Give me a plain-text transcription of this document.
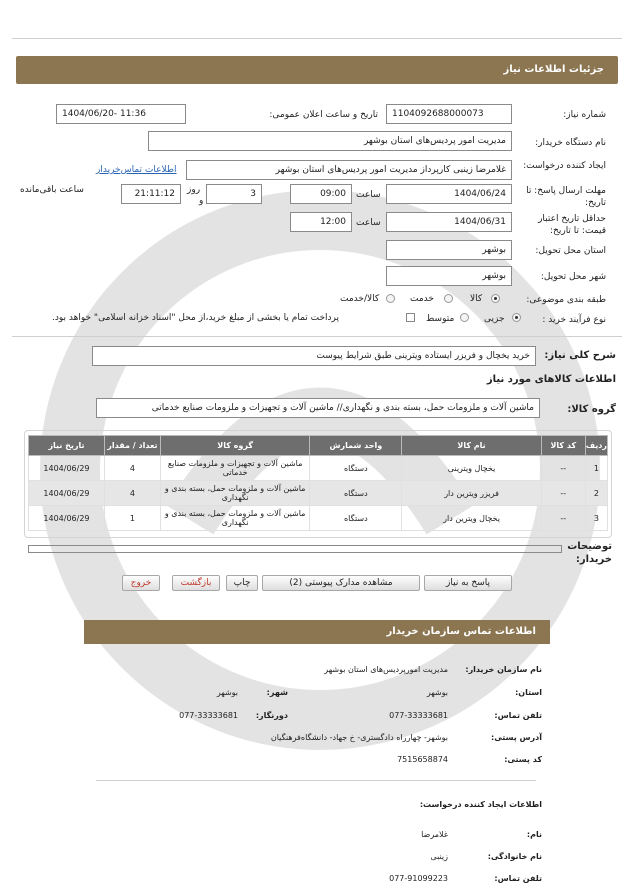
جزئیات اطلاعات نیاز
شماره نیاز:
1104092688000073
تاریخ و ساعت اعلان عمومی:
1404/06/20- 11:36
نام دستگاه خریدار:
مدیریت امور پردیس‌های استان بوشهر
ایجاد کننده درخواست:
غلامرضا زینبی کارپرداز مدیریت امور پردیس‌های استان بوشهر
اطلاعات تماس‌خریدار
مهلت ارسال پاسخ: تا تاریخ:
1404/06/24
ساعت
09:00
3
روز
و
21:11:12
ساعت باقی‌مانده
حداقل تاریخ اعتبار قیمت: تا تاریخ:
1404/06/31
ساعت
12:00
استان محل تحویل:
بوشهر
شهر محل تحویل:
بوشهر
طبقه بندی موضوعی:
کالا
خدمت
کالا/خدمت
نوع فرآیند خرید :
جزیی
متوسط
پرداخت تمام یا بخشی از مبلغ خرید،از محل "اسناد خزانه اسلامی" خواهد بود.
شرح کلی نیاز:
خرید یخچال و فریزر ایستاده ویترینی طبق شرایط پیوست
اطلاعات کالاهای مورد نیاز
گروه کالا:
ماشین آلات و ملزومات حمل، بسته بندی و نگهداری// ماشین آلات و تجهیزات و ملزومات صنایع خدماتی
ردیف	کد کالا	نام کالا	واحد شمارش	گروه کالا	تعداد / مقدار	تاریخ نیاز
1	--	یخچال ویترینی	دستگاه	ماشین آلات و تجهیزات و ملزومات صنایع خدماتی	4	1404/06/29
2	--	فریزر ویترین دار	دستگاه	ماشین آلات و ملزومات حمل، بسته بندی و نگهداری	4	1404/06/29
3	--	یخچال ویترین دار	دستگاه	ماشین آلات و ملزومات حمل، بسته بندی و نگهداری	1	1404/06/29
توضیحات خریدار:
پاسخ به نیاز
مشاهده مدارک پیوستی (2)
چاپ
بازگشت
خروج
اطلاعات تماس سازمان خریدار
نام سازمان خریدار:
مدیریت امورپردیس‌های استان بوشهر
استان:
بوشهر
شهر:
بوشهر
تلفن تماس:
077-33333681
دورنگار:
077-33333681
آدرس پستی:
بوشهر- چهارراه دادگستری- خ جهاد- دانشگاه‌فرهنگیان
کد پستی:
7515658874
اطلاعات ایجاد کننده درخواست:
نام:
غلامرضا
نام خانوادگی:
زینبی
تلفن تماس:
077-91099223
